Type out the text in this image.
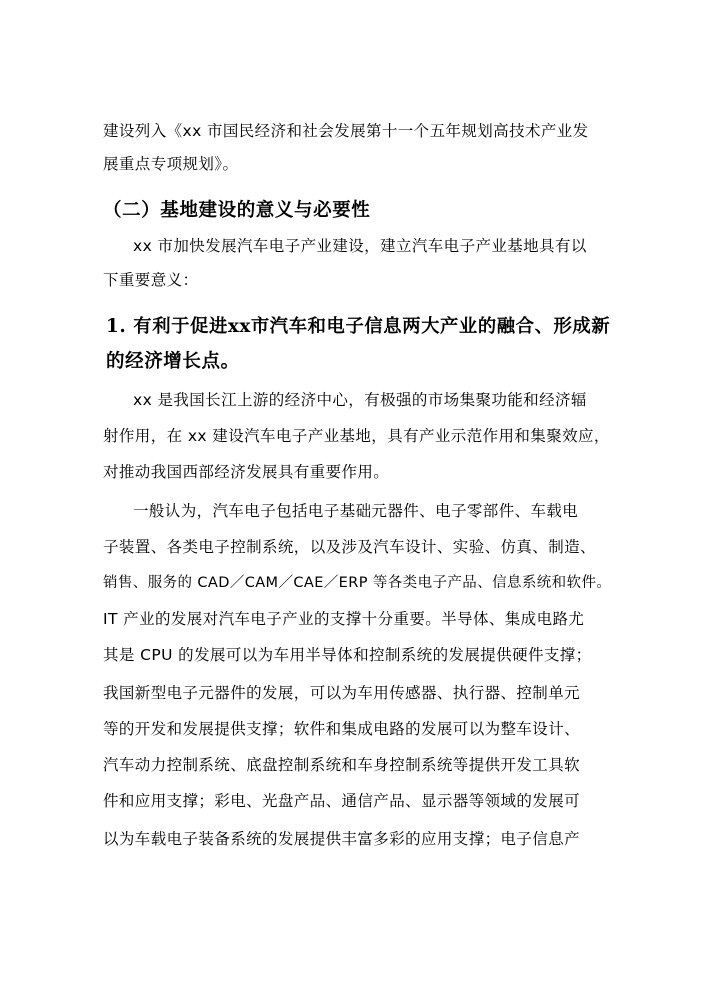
建设列入《xx 市国民经济和社会发展第十一个五年规划高技术产业发
展重点专项规划》。
（二）基地建设的意义与必要性
xx 市加快发展汽车电子产业建设，建立汽车电子产业基地具有以
下重要意义：
1. 有利于促进xx市汽车和电子信息两大产业的融合、形成新
的经济增长点。
xx 是我国长江上游的经济中心，有极强的市场集聚功能和经济辐
射作用，在 xx 建设汽车电子产业基地，具有产业示范作用和集聚效应，
对推动我国西部经济发展具有重要作用。
一般认为，汽车电子包括电子基础元器件、电子零部件、车载电
子装置、各类电子控制系统，以及涉及汽车设计、实验、仿真、制造、
销售、服务的 CAD／CAM／CAE／ERP 等各类电子产品、信息系统和软件。
IT 产业的发展对汽车电子产业的支撑十分重要。半导体、集成电路尤
其是 CPU 的发展可以为车用半导体和控制系统的发展提供硬件支撑；
我国新型电子元器件的发展，可以为车用传感器、执行器、控制单元
等的开发和发展提供支撑；软件和集成电路的发展可以为整车设计、
汽车动力控制系统、底盘控制系统和车身控制系统等提供开发工具软
件和应用支撑；彩电、光盘产品、通信产品、显示器等领域的发展可
以为车载电子装备系统的发展提供丰富多彩的应用支撑；电子信息产
